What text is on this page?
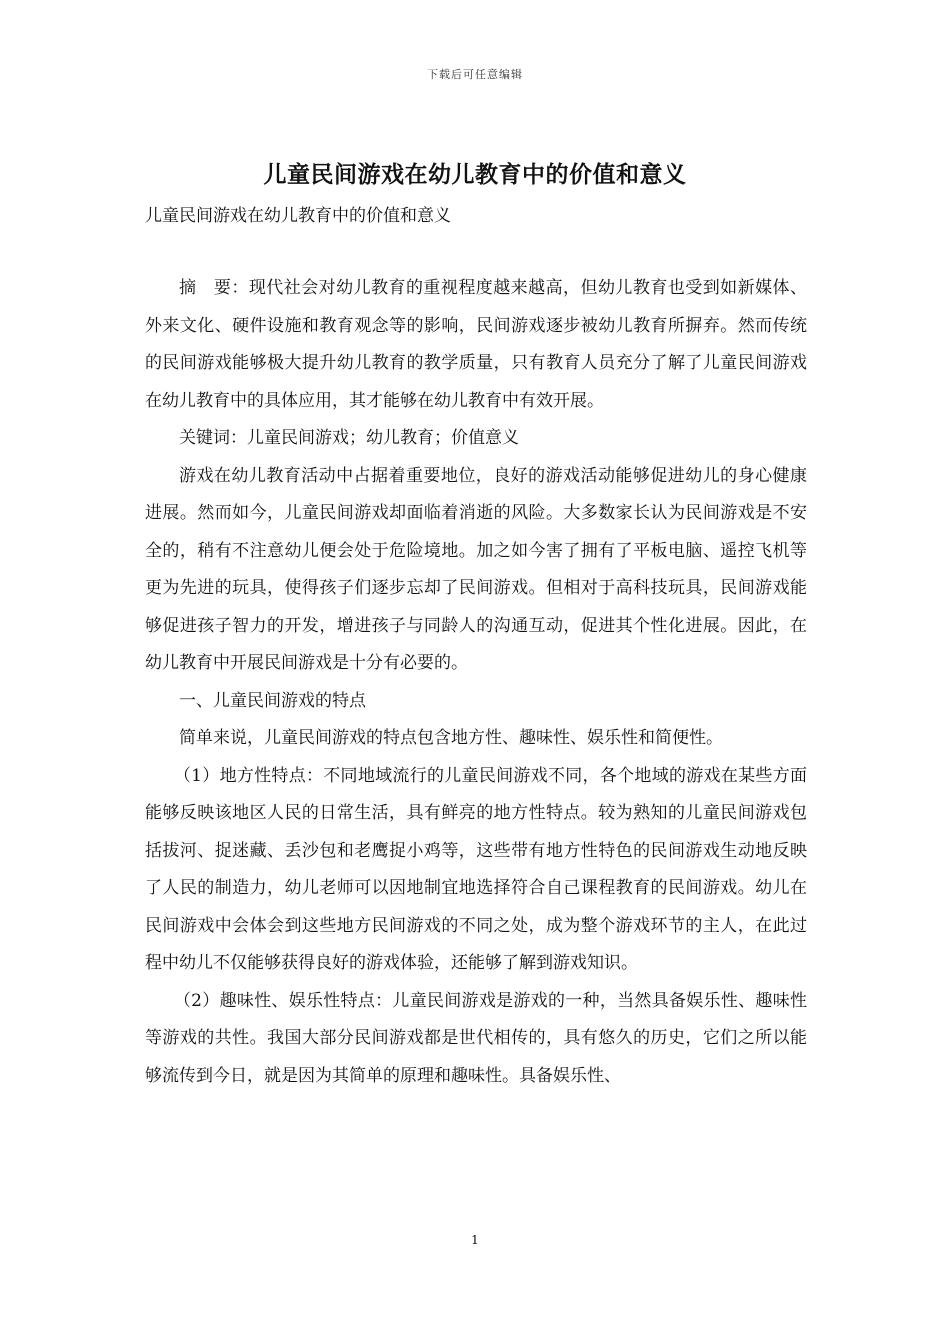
下载后可任意编辑
儿童民间游戏在幼儿教育中的价值和意义

儿童民间游戏在幼儿教育中的价值和意义

摘　要：现代社会对幼儿教育的重视程度越来越高，但幼儿教育也受到如新媒体、外来文化、硬件设施和教育观念等的影响，民间游戏逐步被幼儿教育所摒弃。然而传统的民间游戏能够极大提升幼儿教育的教学质量，只有教育人员充分了解了儿童民间游戏在幼儿教育中的具体应用，其才能够在幼儿教育中有效开展。

关键词：儿童民间游戏；幼儿教育；价值意义

游戏在幼儿教育活动中占据着重要地位，良好的游戏活动能够促进幼儿的身心健康进展。然而如今，儿童民间游戏却面临着消逝的风险。大多数家长认为民间游戏是不安全的，稍有不注意幼儿便会处于危险境地。加之如今害了拥有了平板电脑、遥控飞机等更为先进的玩具，使得孩子们逐步忘却了民间游戏。但相对于高科技玩具，民间游戏能够促进孩子智力的开发，增进孩子与同龄人的沟通互动，促进其个性化进展。因此，在幼儿教育中开展民间游戏是十分有必要的。

一、儿童民间游戏的特点

简单来说，儿童民间游戏的特点包含地方性、趣味性、娱乐性和简便性。

（1）地方性特点：不同地域流行的儿童民间游戏不同，各个地域的游戏在某些方面能够反映该地区人民的日常生活，具有鲜亮的地方性特点。较为熟知的儿童民间游戏包括拔河、捉迷藏、丢沙包和老鹰捉小鸡等，这些带有地方性特色的民间游戏生动地反映了人民的制造力，幼儿老师可以因地制宜地选择符合自己课程教育的民间游戏。幼儿在民间游戏中会体会到这些地方民间游戏的不同之处，成为整个游戏环节的主人，在此过程中幼儿不仅能够获得良好的游戏体验，还能够了解到游戏知识。

（2）趣味性、娱乐性特点：儿童民间游戏是游戏的一种，当然具备娱乐性、趣味性等游戏的共性。我国大部分民间游戏都是世代相传的，具有悠久的历史，它们之所以能够流传到今日，就是因为其简单的原理和趣味性。具备娱乐性、

1
